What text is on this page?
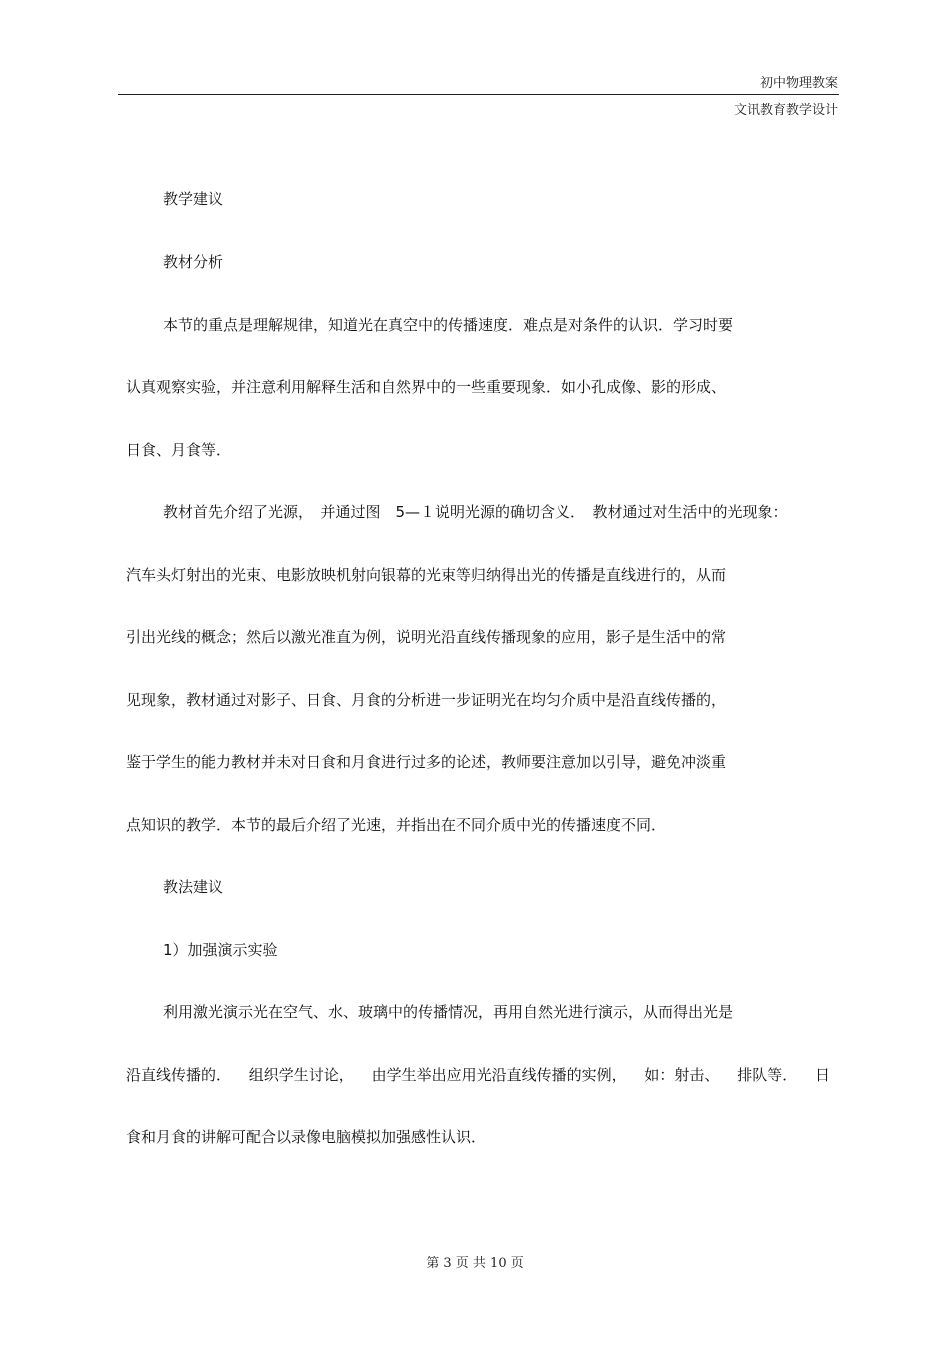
初中物理教案
文讯教育教学设计
教学建议
教材分析
本节的重点是理解规律，知道光在真空中的传播速度．难点是对条件的认识．学习时要
认真观察实验，并注意利用解释生活和自然界中的一些重要现象．如小孔成像、影的形成、
日食、月食等．
教材首先介绍了光源，　并通过图　5—１说明光源的确切含义．　教材通过对生活中的光现象：
汽车头灯射出的光束、电影放映机射向银幕的光束等归纳得出光的传播是直线进行的，从而
引出光线的概念；然后以激光准直为例，说明光沿直线传播现象的应用，影子是生活中的常
见现象，教材通过对影子、日食、月食的分析进一步证明光在均匀介质中是沿直线传播的，
鉴于学生的能力教材并未对日食和月食进行过多的论述，教师要注意加以引导，避免冲淡重
点知识的教学．本节的最后介绍了光速，并指出在不同介质中光的传播速度不同．
教法建议
1）加强演示实验
利用激光演示光在空气、水、玻璃中的传播情况，再用自然光进行演示，从而得出光是
沿直线传播的． 组织学生讨论， 由学生举出应用光沿直线传播的实例， 如：射击、 排队等． 日
食和月食的讲解可配合以录像电脑模拟加强感性认识．
第 3 页 共 10 页
